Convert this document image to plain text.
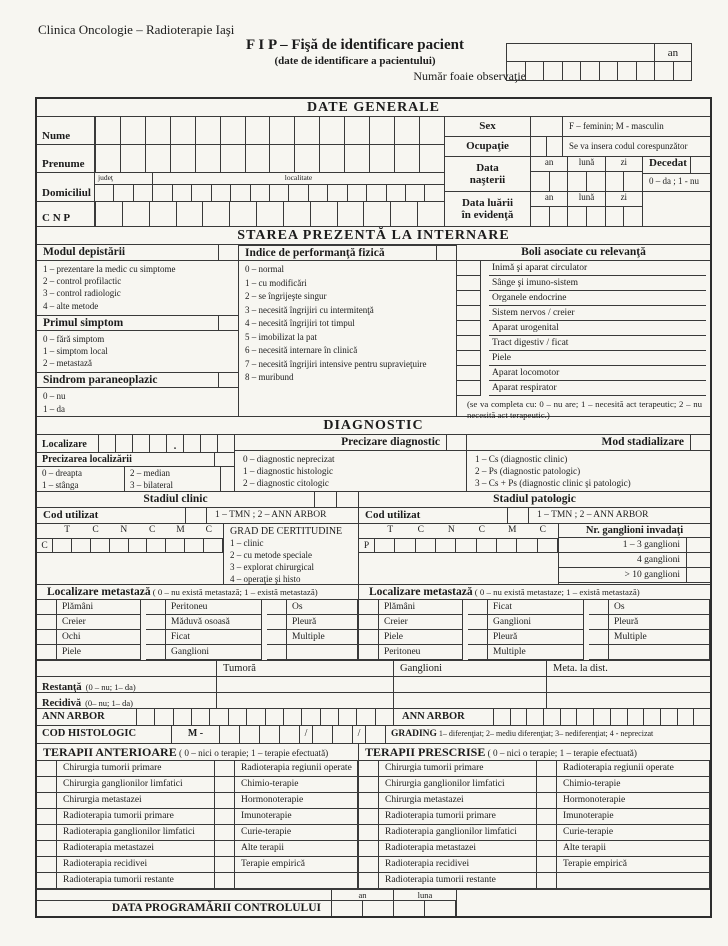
Clinica Oncologie – Radioterapie Iaşi
F I P – Fişă de identificare pacient
(date de identificare a pacientului)
Număr foaie observaţie
an
DATE GENERALE
Nume
Prenume
Domiciliul
judeţ	localitate
C N P
Sex	F – feminin; M - masculin
Ocupaţie	Se va insera codul corespunzător
Data
naşterii
an	lună	zi	Decedat
0 – da ; 1 - nu
Data luării
în evidenţă
an	lună	zi
STAREA PREZENTĂ LA INTERNARE
Modul depistării
1 – prezentare la medic cu simptome
2 – control profilactic
3 – control radiologic
4 – alte metode
Primul simptom
0 – fără simptom
1 – simptom local
2 – metastază
Sindrom paraneoplazic
0 – nu
1 – da
Indice de performanţă fizică
0 – normal
1 – cu modificări
2 – se îngrijeşte singur
3 – necesită îngrijiri cu intermitenţă
4 – necesită îngrijiri tot timpul
5 – imobilizat la pat
6 – necesită internare în clinică
7 – necesită îngrijiri intensive pentru supravieţuire
8 – muribund
Boli asociate cu relevanţă
Inimă şi aparat circulator
Sânge şi imuno-sistem
Organele endocrine
Sistem nervos / creier
Aparat urogenital
Tract digestiv / ficat
Piele
Aparat locomotor
Aparat respirator
(se va completa cu: 0 – nu are; 1 – necesită act terapeutic; 2 – nu necesită act terapeutic.)
DIAGNOSTIC
Localizare	.
Precizarea localizării
0 – dreapta
1 – stânga
2 – median
3 – bilateral
Precizare diagnostic
0 – diagnostic neprecizat
1 – diagnostic histologic
2 – diagnostic citologic
Mod stadializare
1 – Cs (diagnostic clinic)
2 – Ps (diagnostic patologic)
3 – Cs + Ps (diagnostic clinic şi patologic)
Stadiul clinic
Cod utilizat	1 – TMN ; 2 – ANN ARBOR
T	C	N	C	M	C
C
GRAD DE CERTITUDINE
1 – clinic
2 – cu metode speciale
3 – explorat chirurgical
4 – operaţie şi histo
Stadiul patologic
Cod utilizat	1 – TMN ; 2 – ANN ARBOR
T	C	N	C	M	C
P
Nr. ganglioni invadaţi
1 – 3 ganglioni
4 ganglioni
> 10 ganglioni
Localizare metastază ( 0 – nu există metastază; 1 – există metastază)
Plămâni	Peritoneu	Os
Creier	Măduvă osoasă	Pleură
Ochi	Ficat	Multiple
Piele	Ganglioni
Localizare metastază ( 0 – nu există metastaze; 1 – există metastază)
Plămâni	Ficat	Os
Creier	Ganglioni	Pleură
Piele	Pleură	Multiple
Peritoneu	Multiple
Tumoră	Ganglioni	Meta. la dist.
Restanţă (0 – nu; 1– da)
Recidivă (0– nu; 1– da)
ANN ARBOR	ANN ARBOR
COD HISTOLOGIC	M -	/	/	GRADING 1– diferenţiat; 2– mediu diferenţiat; 3– nediferenţiat; 4 - neprecizat
TERAPII ANTERIOARE ( 0 – nici o terapie; 1 – terapie efectuată)
Chirurgia tumorii primare	Radioterapia regiunii operate
Chirurgia ganglionilor limfatici	Chimio-terapie
Chirurgia metastazei	Hormonoterapie
Radioterapia tumorii primare	Imunoterapie
Radioterapia ganglionilor limfatici	Curie-terapie
Radioterapia metastazei	Alte terapii
Radioterapia recidivei	Terapie empirică
Radioterapia tumorii restante
TERAPII PRESCRISE ( 0 – nici o terapie; 1 – terapie efectuată)
Chirurgia tumorii primare	Radioterapia regiunii operate
Chirurgia ganglionilor limfatici	Chimio-terapie
Chirurgia metastazei	Hormonoterapie
Radioterapia tumorii primare	Imunoterapie
Radioterapia ganglionilor limfatici	Curie-terapie
Radioterapia metastazei	Alte terapii
Radioterapia recidivei	Terapie empirică
Radioterapia tumorii restante
an	luna
DATA PROGRAMĂRII CONTROLULUI
